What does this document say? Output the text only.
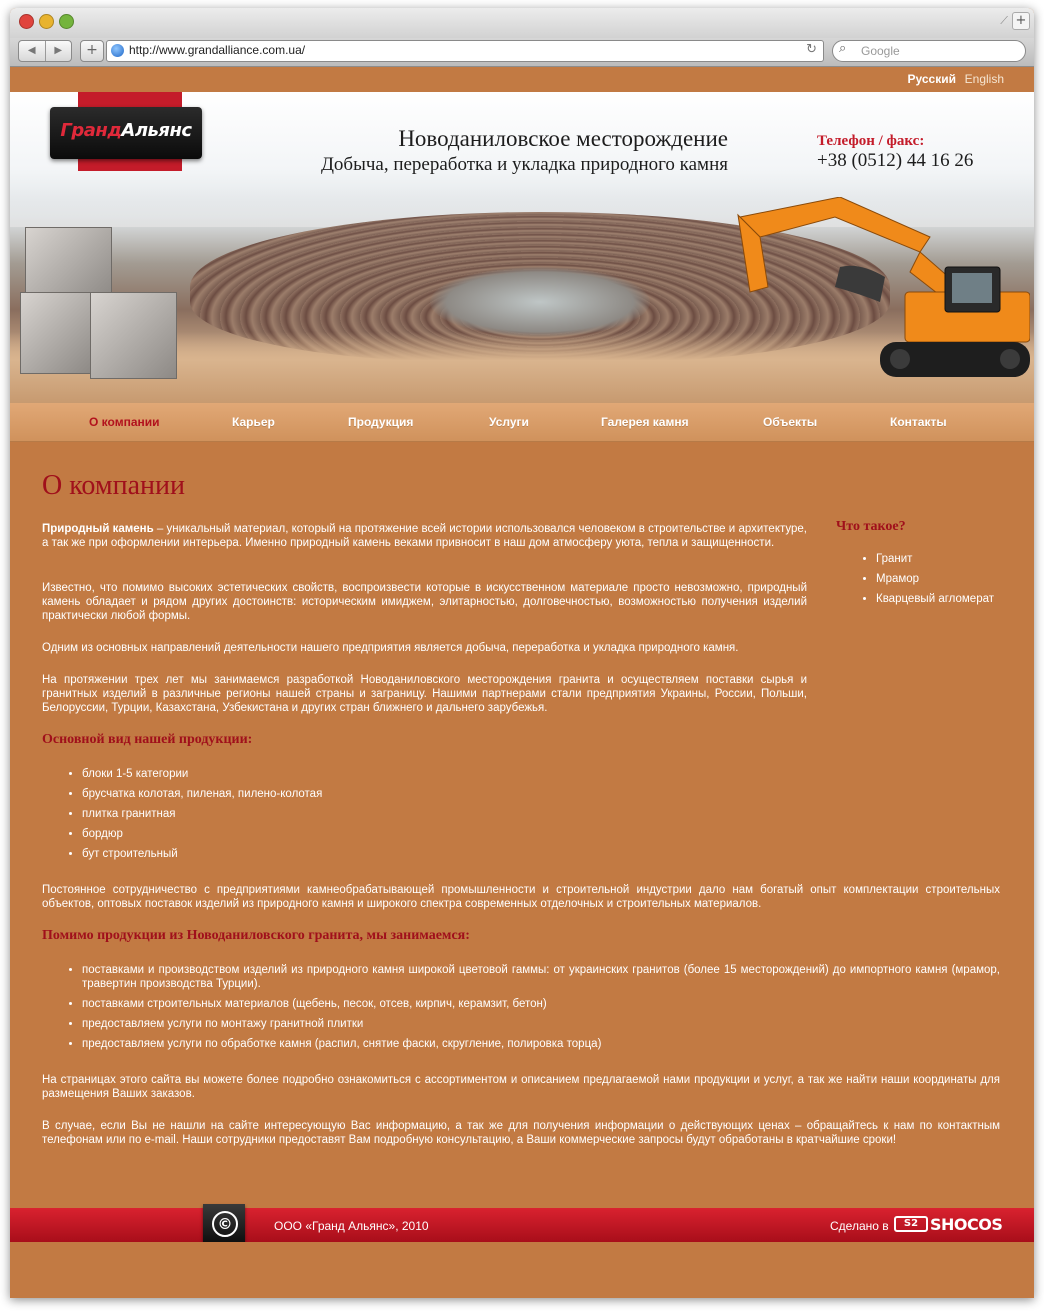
⟋ +
◀	▶	+	http://www.grandalliance.com.ua/	↻ ⌕ Google
Русский English
ГрандАльянс	Новоданиловское месторождение
Добыча, переработка и укладка природного камня
Телефон / факс:
+38 (0512) 44 16 26
О компании	Карьер	Продукция	Услуги	Галерея камня	Объекты	Контакты
О компании

Природный камень – уникальный материал, который на протяжение всей истории использовался человеком в строительстве и архитектуре, а так же при оформлении интерьера. Именно природный камень веками привносит в наш дом атмосферу уюта, тепла и защищенности.

Известно, что помимо высоких эстетических свойств, воспроизвести которые в искусственном материале просто невозможно, природный камень обладает и рядом других достоинств: историческим имиджем, элитарностью, долговечностью, возможностью получения изделий практически любой формы.

Одним из основных направлений деятельности нашего предприятия является добыча, переработка и укладка природного камня.

На протяжении трех лет мы занимаемся разработкой Новоданиловского месторождения гранита и осуществляем поставки сырья и гранитных изделий в различные регионы нашей страны и заграницу. Нашими партнерами стали предприятия Украины, России, Польши, Белоруссии, Турции, Казахстана, Узбекистана и других стран ближнего и дальнего зарубежья.

Основной вид нашей продукции:
• блоки 1-5 категории
• брусчатка колотая, пиленая, пилено-колотая
• плитка гранитная
• бордюр
• бут строительный

Постоянное сотрудничество с предприятиями камнеобрабатывающей промышленности и строительной индустрии дало нам богатый опыт комплектации строительных объектов, оптовых поставок изделий из природного камня и широкого спектра современных отделочных и строительных материалов.

Помимо продукции из Новоданиловского гранита, мы занимаемся:
• поставками и производством изделий из природного камня широкой цветовой гаммы: от украинских гранитов (более 15 месторождений) до импортного камня (мрамор, травертин производства Турции).
• поставками строительных материалов (щебень, песок, отсев, кирпич, керамзит, бетон)
• предоставляем услуги по монтажу гранитной плитки
• предоставляем услуги по обработке камня (распил, снятие фаски, скругление, полировка торца)

На страницах этого сайта вы можете более подробно ознакомиться с ассортиментом и описанием предлагаемой нами продукции и услуг, а так же найти наши координаты для размещения Ваших заказов.

В случае, если Вы не нашли на сайте интересующую Вас информацию, а так же для получения информации о действующих ценах – обращайтесь к нам по контактным телефонам или по e-mail. Наши сотрудники предоставят Вам подробную консультацию, а Ваши коммерческие запросы будут обработаны в кратчайшие сроки!

Что такое?
• Гранит
• Мрамор
• Кварцевый агломерат
©	ООО «Гранд Альянс», 2010	Сделано в	S2 SHOCOS
